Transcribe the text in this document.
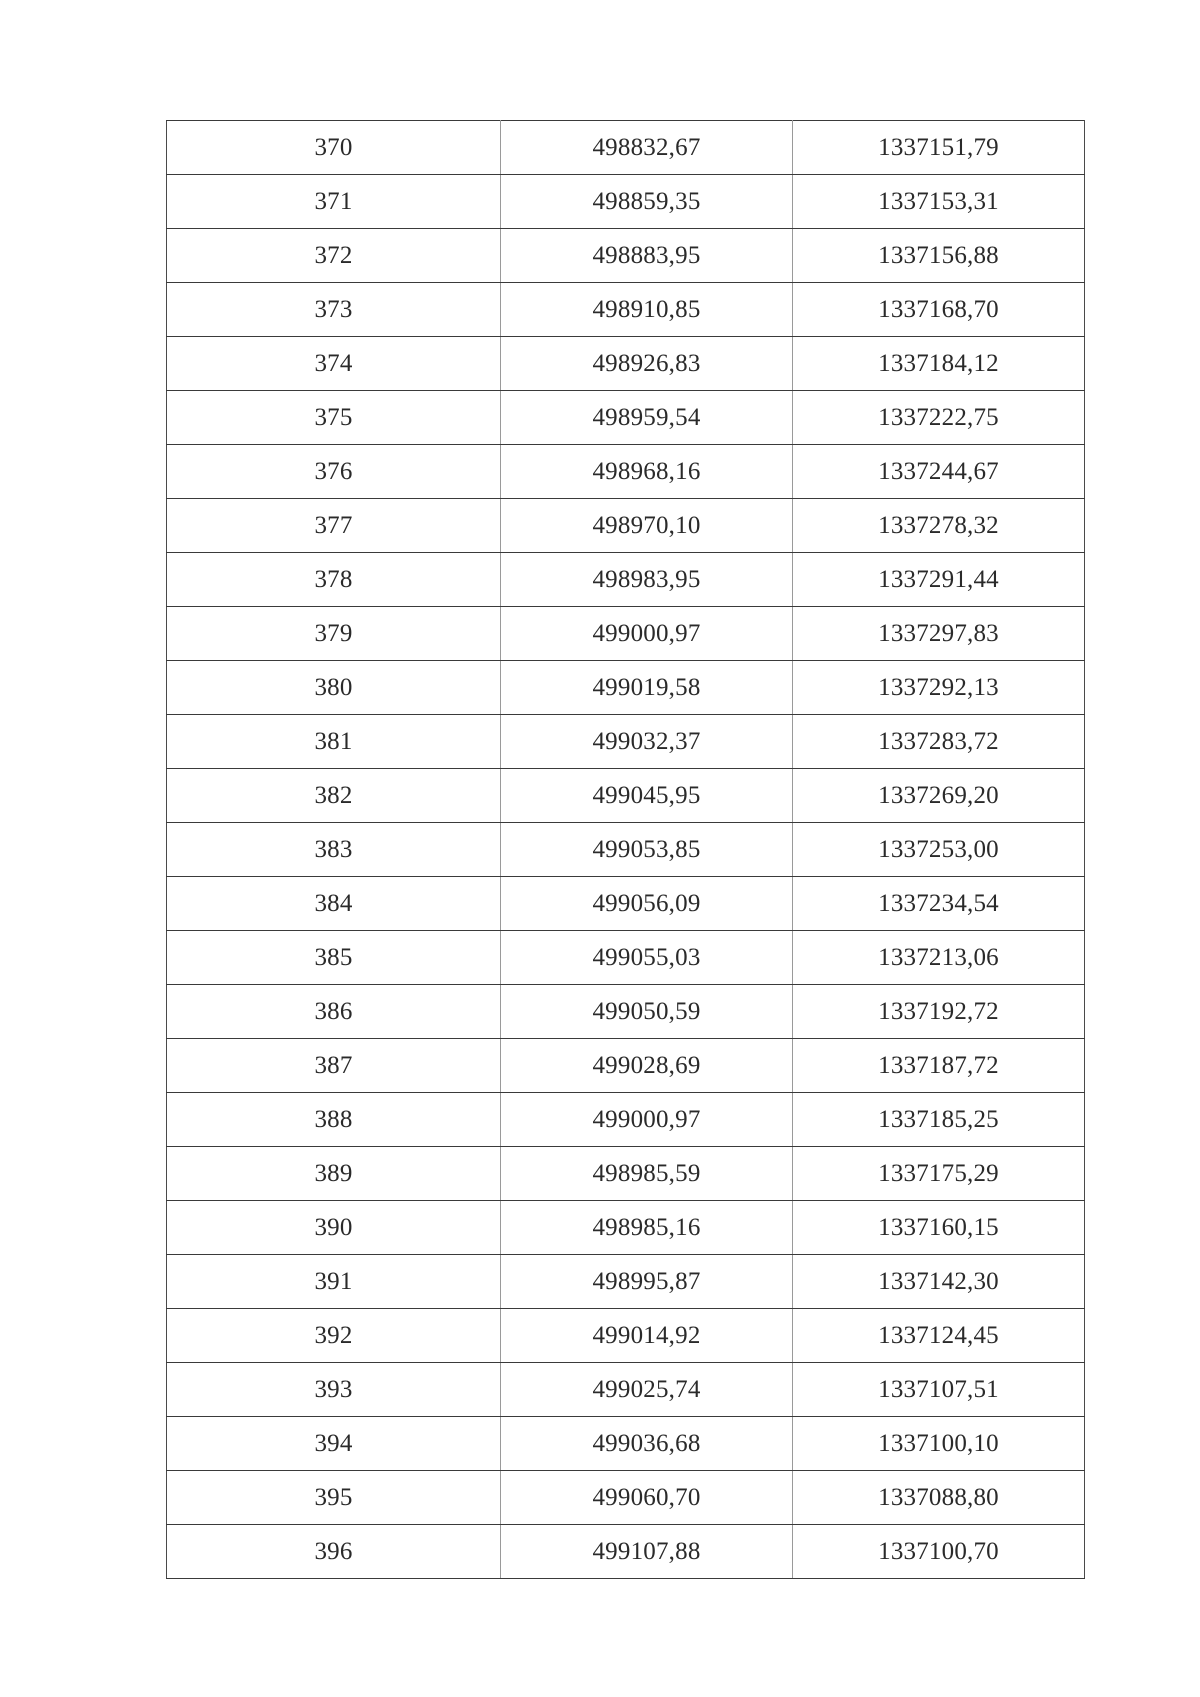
370	498832,67	1337151,79
371	498859,35	1337153,31
372	498883,95	1337156,88
373	498910,85	1337168,70
374	498926,83	1337184,12
375	498959,54	1337222,75
376	498968,16	1337244,67
377	498970,10	1337278,32
378	498983,95	1337291,44
379	499000,97	1337297,83
380	499019,58	1337292,13
381	499032,37	1337283,72
382	499045,95	1337269,20
383	499053,85	1337253,00
384	499056,09	1337234,54
385	499055,03	1337213,06
386	499050,59	1337192,72
387	499028,69	1337187,72
388	499000,97	1337185,25
389	498985,59	1337175,29
390	498985,16	1337160,15
391	498995,87	1337142,30
392	499014,92	1337124,45
393	499025,74	1337107,51
394	499036,68	1337100,10
395	499060,70	1337088,80
396	499107,88	1337100,70
